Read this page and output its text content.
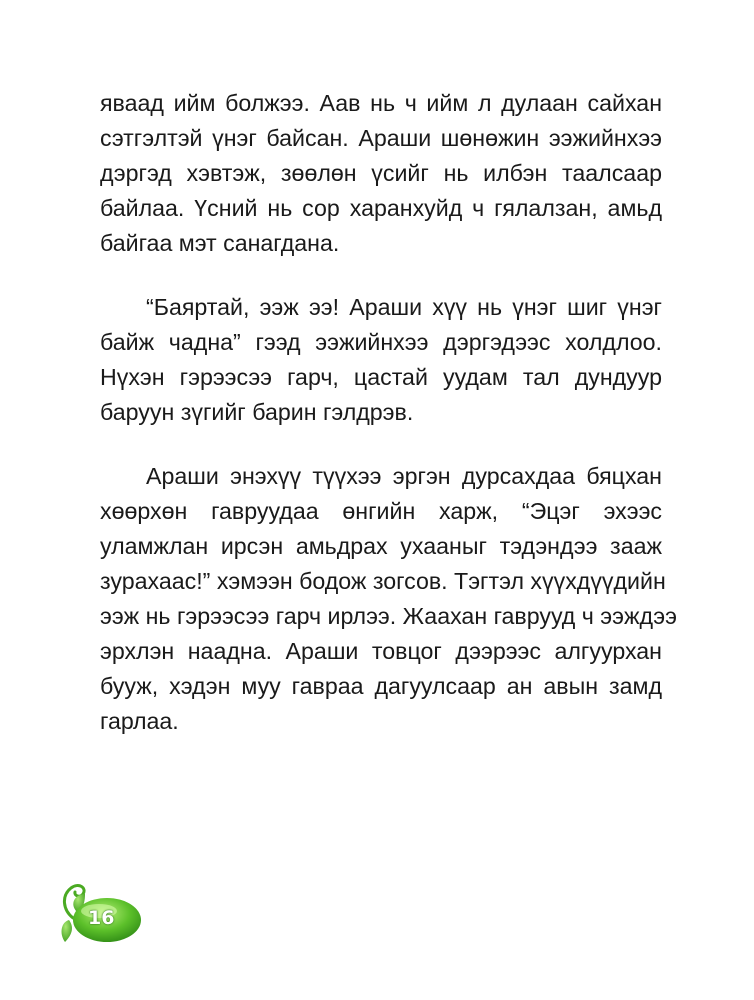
яваад ийм болжээ. Аав нь ч ийм л дулаан сайхан
сэтгэлтэй үнэг байсан. Араши шөнөжин ээжийнхээ
дэргэд хэвтэж, зөөлөн үсийг нь илбэн таалсаар
байлаа. Үсний нь сор харанхуйд ч гялалзан, амьд
байгаа мэт санагдана.

“Баяртай, ээж ээ! Араши хүү нь үнэг шиг үнэг
байж чадна” гээд ээжийнхээ дэргэдээс холдлоо.
Нүхэн гэрээсээ гарч, цастай уудам тал дундуур
баруун зүгийг барин гэлдрэв.

Араши энэхүү түүхээ эргэн дурсахдаа бяцхан
хөөрхөн гавруудаа өнгийн харж, “Эцэг эхээс
уламжлан ирсэн амьдрах ухааныг тэдэндээ зааж
зурахаас!” хэмээн бодож зогсов. Тэгтэл хүүхдүүдийн
ээж нь гэрээсээ гарч ирлээ. Жаахан гаврууд ч ээждээ
эрхлэн наадна. Араши товцог дээрээс алгуурхан
бууж, хэдэн муу гавраа дагуулсаар ан авын замд
гарлаа.

16
